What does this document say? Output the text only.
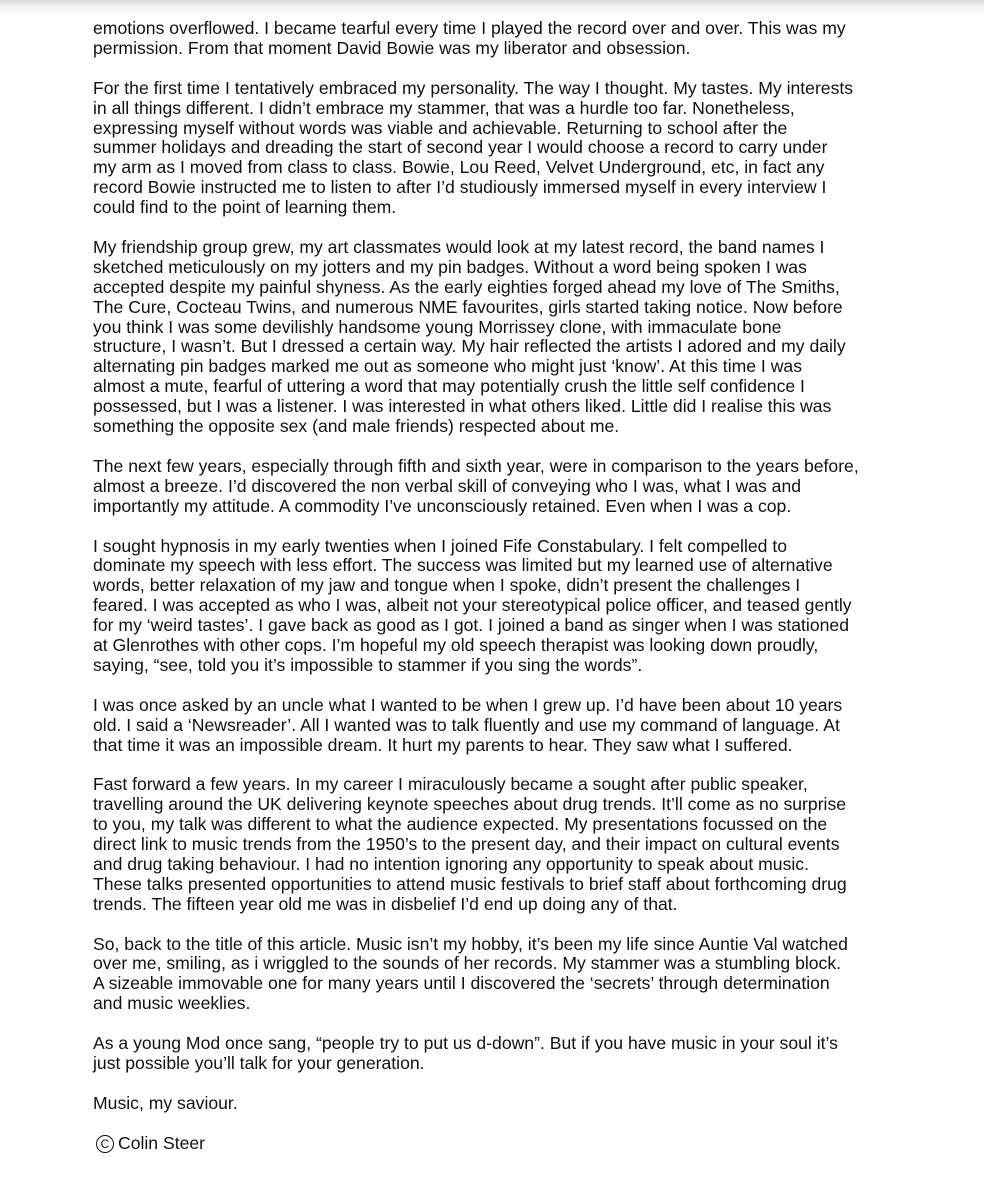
emotions overflowed. I became tearful every time I played the record over and over. This was my
permission. From that moment David Bowie was my liberator and obsession.

For the first time I tentatively embraced my personality. The way I thought. My tastes. My interests
in all things different. I didn’t embrace my stammer, that was a hurdle too far. Nonetheless,
expressing myself without words was viable and achievable. Returning to school after the
summer holidays and dreading the start of second year I would choose a record to carry under
my arm as I moved from class to class. Bowie, Lou Reed, Velvet Underground, etc, in fact any
record Bowie instructed me to listen to after I’d studiously immersed myself in every interview I
could find to the point of learning them.

My friendship group grew, my art classmates would look at my latest record, the band names I
sketched meticulously on my jotters and my pin badges. Without a word being spoken I was
accepted despite my painful shyness. As the early eighties forged ahead my love of The Smiths,
The Cure, Cocteau Twins, and numerous NME favourites, girls started taking notice. Now before
you think I was some devilishly handsome young Morrissey clone, with immaculate bone
structure, I wasn’t. But I dressed a certain way. My hair reflected the artists I adored and my daily
alternating pin badges marked me out as someone who might just ‘know’. At this time I was
almost a mute, fearful of uttering a word that may potentially crush the little self confidence I
possessed, but I was a listener. I was interested in what others liked. Little did I realise this was
something the opposite sex (and male friends) respected about me.

The next few years, especially through fifth and sixth year, were in comparison to the years before,
almost a breeze. I’d discovered the non verbal skill of conveying who I was, what I was and
importantly my attitude. A commodity I’ve unconsciously retained. Even when I was a cop.

I sought hypnosis in my early twenties when I joined Fife Constabulary. I felt compelled to
dominate my speech with less effort. The success was limited but my learned use of alternative
words, better relaxation of my jaw and tongue when I spoke, didn’t present the challenges I
feared. I was accepted as who I was, albeit not your stereotypical police officer, and teased gently
for my ‘weird tastes’. I gave back as good as I got. I joined a band as singer when I was stationed
at Glenrothes with other cops. I’m hopeful my old speech therapist was looking down proudly,
saying, “see, told you it’s impossible to stammer if you sing the words”.

I was once asked by an uncle what I wanted to be when I grew up. I’d have been about 10 years
old. I said a ‘Newsreader’. All I wanted was to talk fluently and use my command of language. At
that time it was an impossible dream. It hurt my parents to hear. They saw what I suffered.

Fast forward a few years. In my career I miraculously became a sought after public speaker,
travelling around the UK delivering keynote speeches about drug trends. It’ll come as no surprise
to you, my talk was different to what the audience expected. My presentations focussed on the
direct link to music trends from the 1950’s to the present day, and their impact on cultural events
and drug taking behaviour. I had no intention ignoring any opportunity to speak about music.
These talks presented opportunities to attend music festivals to brief staff about forthcoming drug
trends. The fifteen year old me was in disbelief I’d end up doing any of that.

So, back to the title of this article. Music isn’t my hobby, it’s been my life since Auntie Val watched
over me, smiling, as i wriggled to the sounds of her records. My stammer was a stumbling block.
A sizeable immovable one for many years until I discovered the ‘secrets’ through determination
and music weeklies.

As a young Mod once sang, “people try to put us d-down”. But if you have music in your soul it’s
just possible you’ll talk for your generation.

Music, my saviour.

C Colin Steer
